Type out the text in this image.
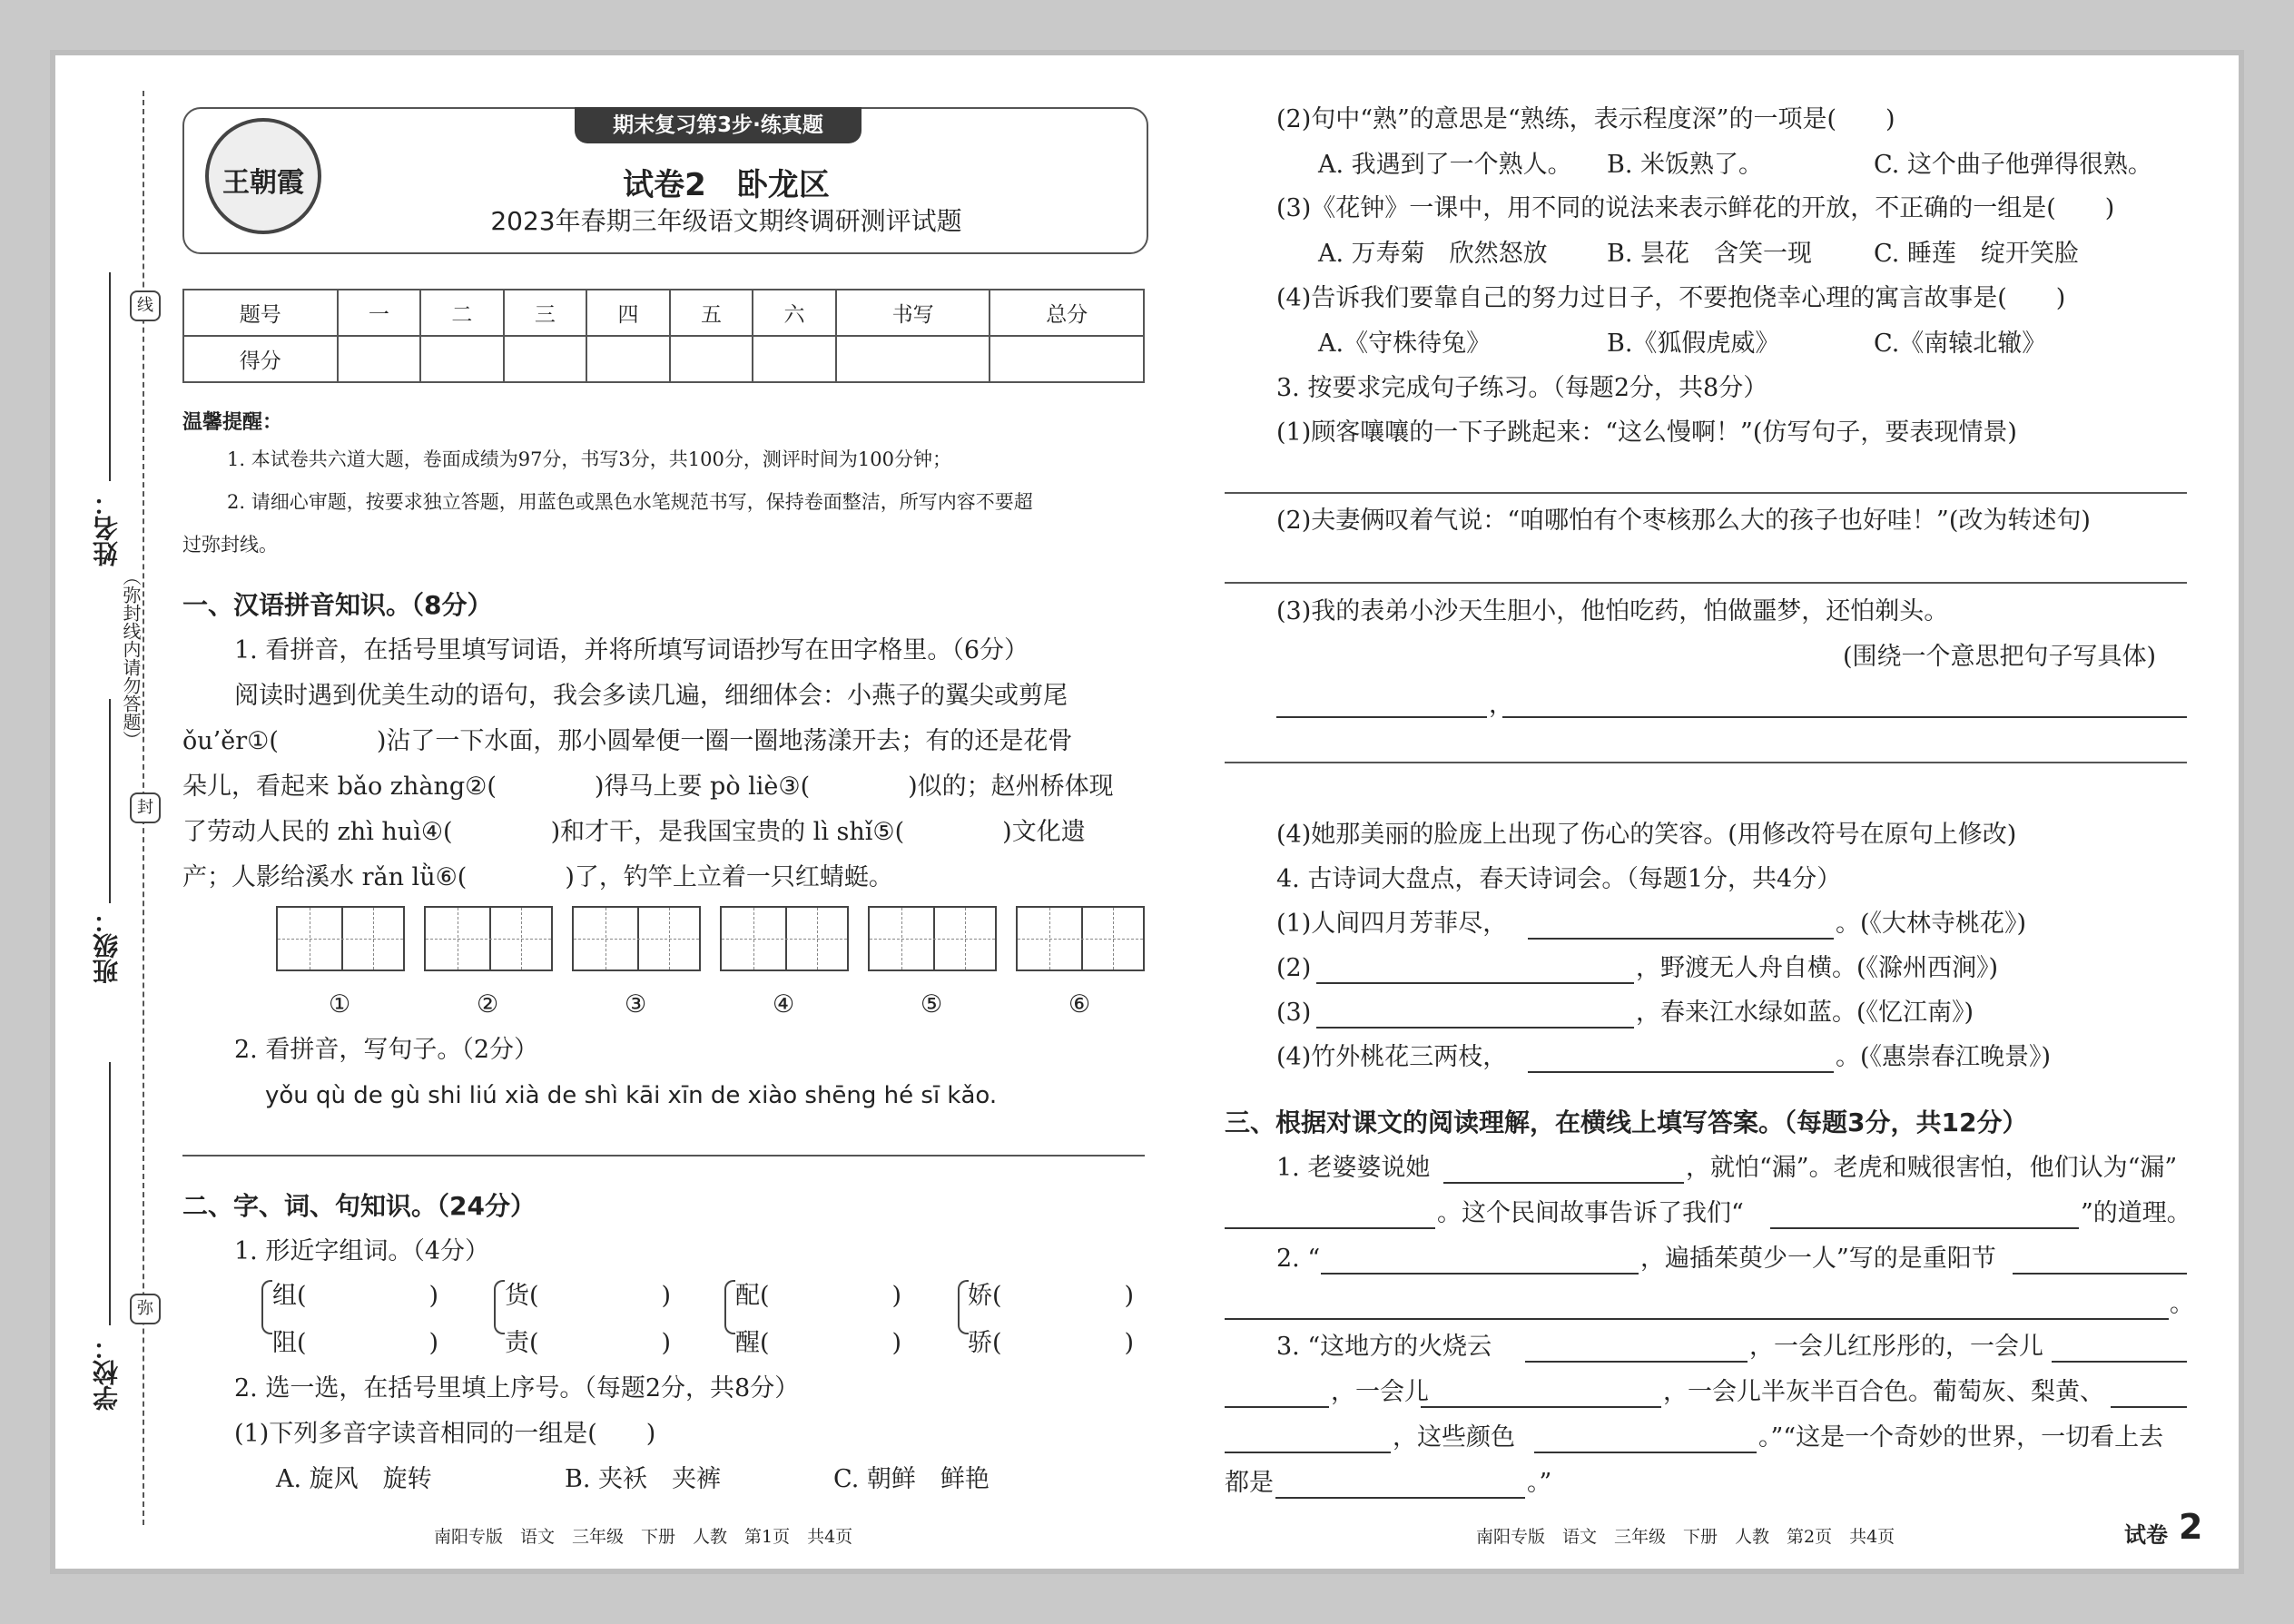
线
封
弥
姓名：
班级：
学校：
（弥封线内请勿答题）
王朝霞
期末复习第3步·练真题
试卷2　卧龙区
2023年春期三年级语文期终调研测评试题
题号	一	二	三	四	五	六	书写	总分
得分								
温馨提醒：
1. 本试卷共六道大题，卷面成绩为97分，书写3分，共100分，测评时间为100分钟；
2. 请细心审题，按要求独立答题，用蓝色或黑色水笔规范书写，保持卷面整洁，所写内容不要超
过弥封线。
一、汉语拼音知识。（8分）
1. 看拼音，在括号里填写词语，并将所填写词语抄写在田字格里。（6分）
阅读时遇到优美生动的语句，我会多读几遍，细细体会：小燕子的翼尖或剪尾
ǒu’ěr①(　　　　)沾了一下水面，那小圆晕便一圈一圈地荡漾开去；有的还是花骨
朵儿，看起来 bǎo zhàng②(　　　　)得马上要 pò liè③(　　　　)似的；赵州桥体现
了劳动人民的 zhì huì④(　　　　)和才干，是我国宝贵的 lì shǐ⑤(　　　　)文化遗
产；人影给溪水 rǎn lǜ⑥(　　　　)了，钓竿上立着一只红蜻蜓。
①	②	③	④	⑤	⑥
2. 看拼音，写句子。（2分）
yǒu qù de gù shi liú xià de shì kāi xīn de xiào shēng hé sī kǎo.
二、字、词、句知识。（24分）
1. 形近字组词。（4分）
组(　　　　　)
阻(　　　　　)
货(　　　　　)
责(　　　　　)
配(　　　　　)
醒(　　　　　)
娇(　　　　　)
骄(　　　　　)
2. 选一选，在括号里填上序号。（每题2分，共8分）
(1)下列多音字读音相同的一组是(　　)
A. 旋风　旋转	B. 夹袄　夹裤	C. 朝鲜　鲜艳
(2)句中“熟”的意思是“熟练，表示程度深”的一项是(　　)
A. 我遇到了一个熟人。 B. 米饭熟了。	C. 这个曲子他弹得很熟。
(3)《花钟》一课中，用不同的说法来表示鲜花的开放，不正确的一组是(　　)
A. 万寿菊　欣然怒放 B. 昙花　含笑一现	C. 睡莲　绽开笑脸
(4)告诉我们要靠自己的努力过日子，不要抱侥幸心理的寓言故事是(　　)
A.《守株待兔》	B.《狐假虎威》	C.《南辕北辙》
3. 按要求完成句子练习。（每题2分，共8分）
(1)顾客嚷嚷的一下子跳起来：“这么慢啊！”(仿写句子，要表现情景)
(2)夫妻俩叹着气说：“咱哪怕有个枣核那么大的孩子也好哇！”(改为转述句)
(3)我的表弟小沙天生胆小，他怕吃药，怕做噩梦，还怕剃头。
(围绕一个意思把句子写具体)
，
(4)她那美丽的脸庞上出现了伤心的笑容。(用修改符号在原句上修改)
4. 古诗词大盘点，春天诗词会。（每题1分，共4分）
(1)人间四月芳菲尽，	。(《大林寺桃花》)
(2)	，野渡无人舟自横。(《滁州西涧》)
(3)	，春来江水绿如蓝。(《忆江南》)
(4)竹外桃花三两枝，	。(《惠崇春江晚景》)
三、根据对课文的阅读理解，在横线上填写答案。（每题3分，共12分）
1. 老婆婆说她	，就怕“漏”。老虎和贼很害怕，他们认为“漏”
。这个民间故事告诉了我们“	”的道理。
2. “	，遍插茱萸少一人”写的是重阳节
。
3. “这地方的火烧云	，一会儿红彤彤的，一会儿
，一会儿	，一会儿半灰半百合色。葡萄灰、梨黄、
，这些颜色	。”“这是一个奇妙的世界，一切看上去
都是	。”
南阳专版　语文　三年级　下册　人教　第1页　共4页	南阳专版　语文　三年级　下册　人教　第2页　共4页	试卷 2
